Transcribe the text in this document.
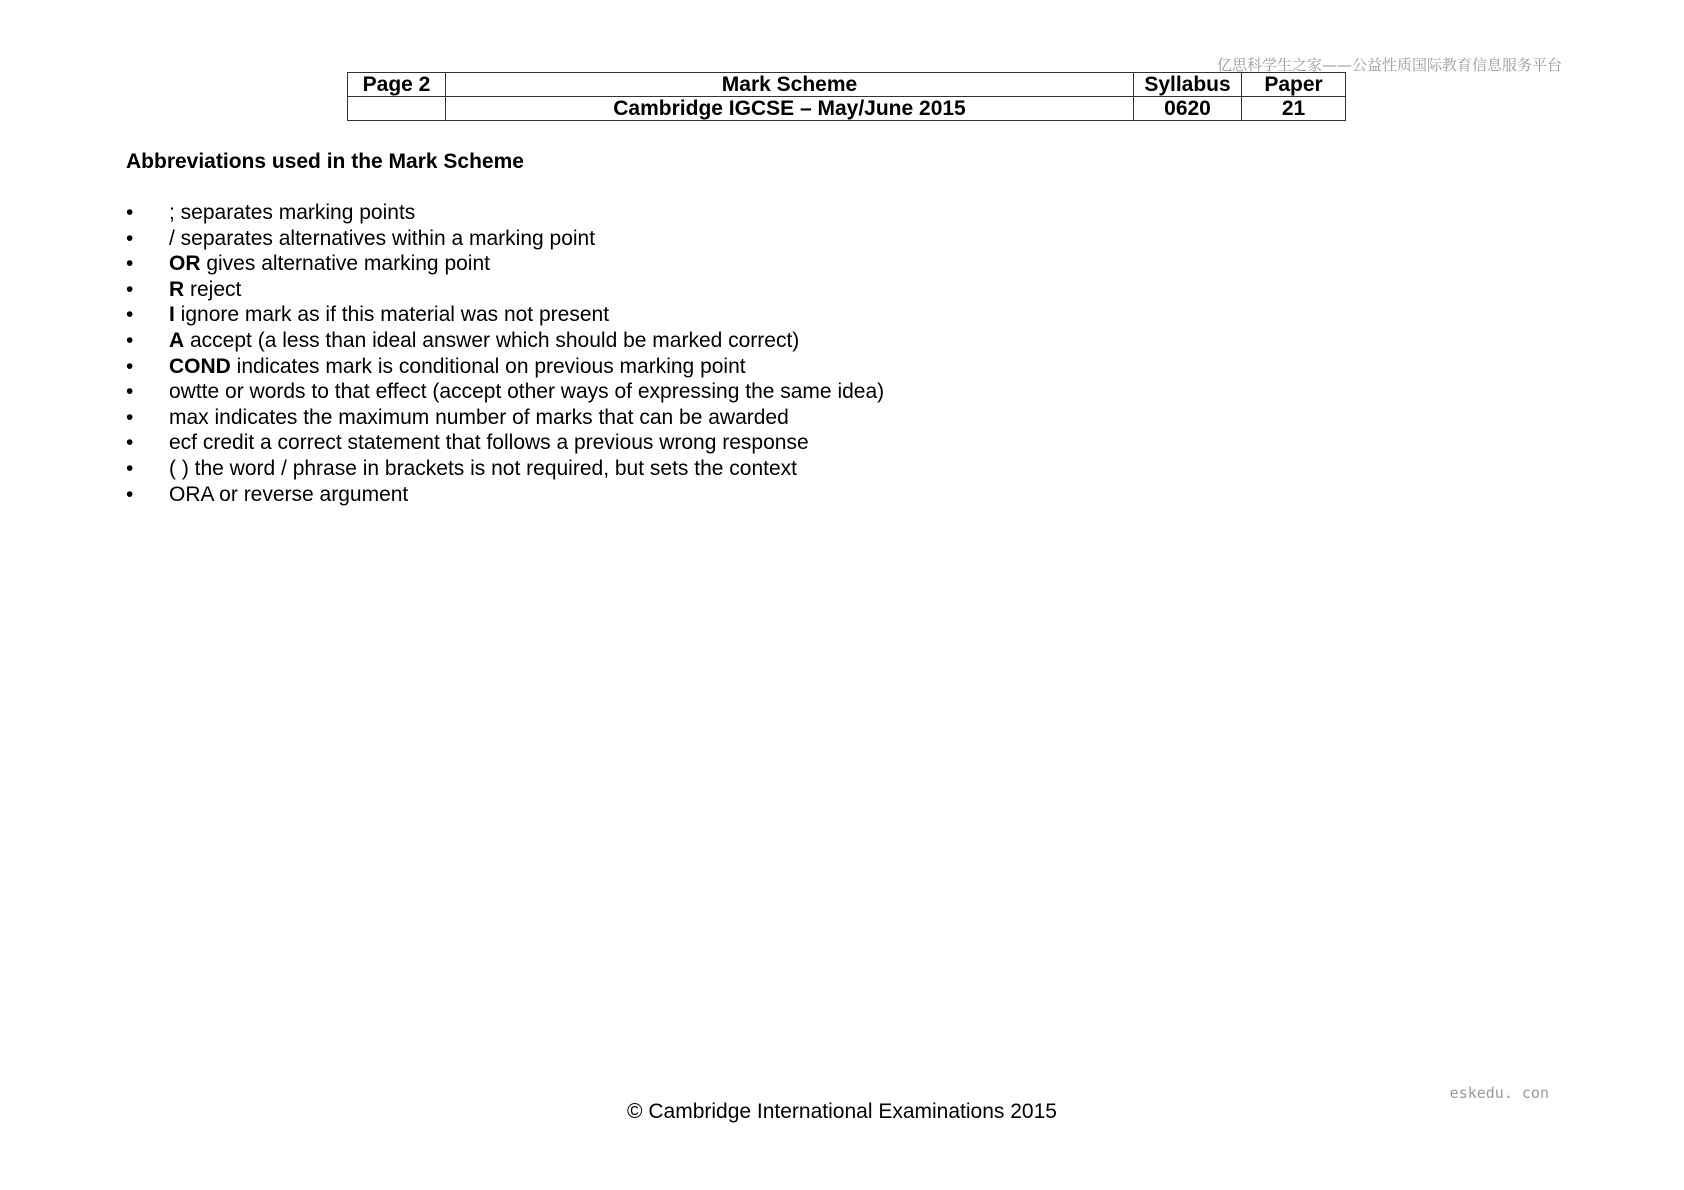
亿思科学生之家——公益性质国际教育信息服务平台
Page 2	Mark Scheme	Syllabus	Paper
	Cambridge IGCSE – May/June 2015	0620	21
Abbreviations used in the Mark Scheme
• ; separates marking points
• / separates alternatives within a marking point
• OR gives alternative marking point
• R reject
• I ignore mark as if this material was not present
• A accept (a less than ideal answer which should be marked correct)
• COND indicates mark is conditional on previous marking point
• owtte or words to that effect (accept other ways of expressing the same idea)
• max indicates the maximum number of marks that can be awarded
• ecf credit a correct statement that follows a previous wrong response
• ( ) the word / phrase in brackets is not required, but sets the context
• ORA or reverse argument
eskedu. con
© Cambridge International Examinations 2015
